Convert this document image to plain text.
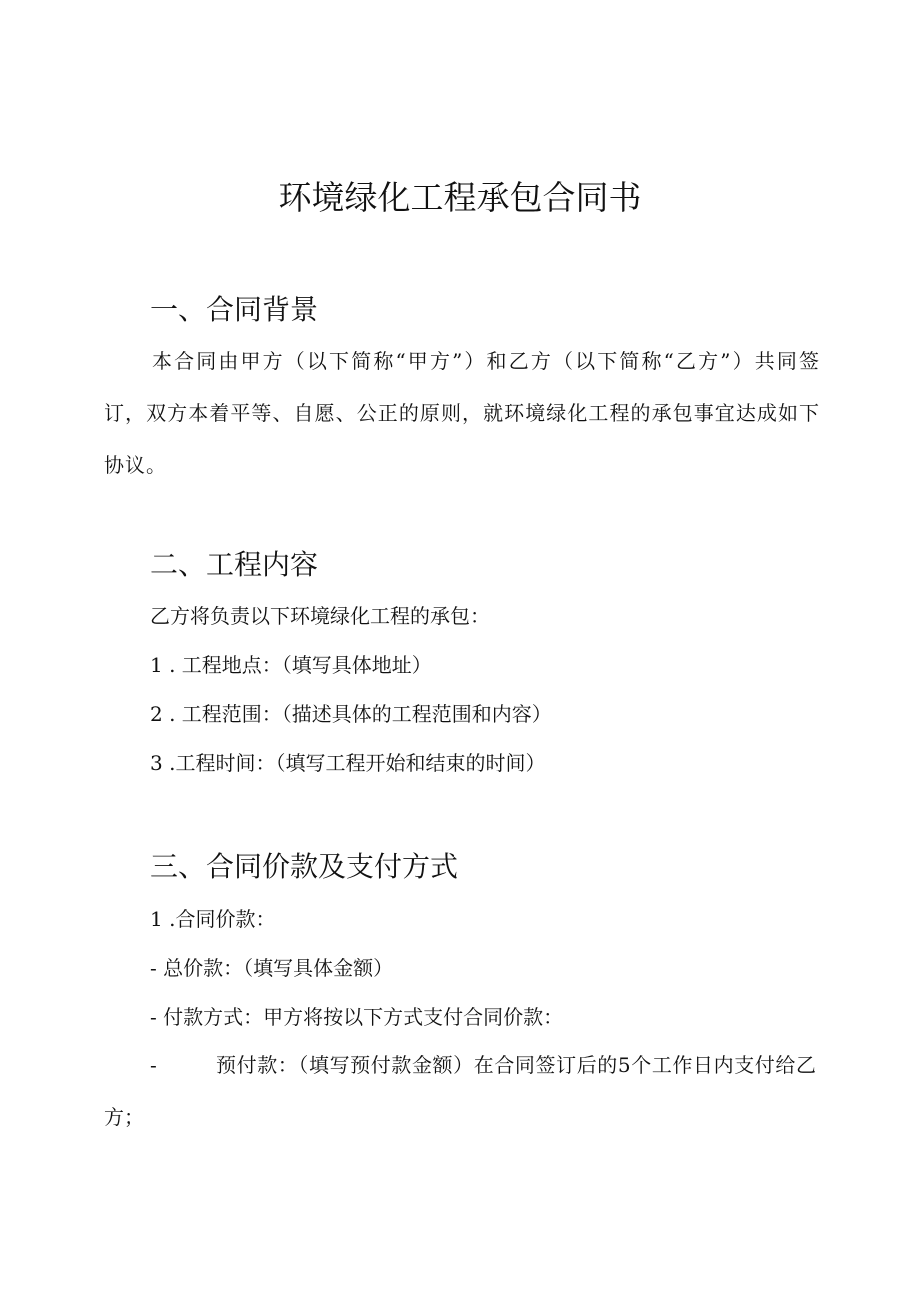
环境绿化工程承包合同书
一、合同背景
本合同由甲方（以下简称“甲方”）和乙方（以下简称“乙方”）共同签订，双方本着平等、自愿、公正的原则，就环境绿化工程的承包事宜达成如下协议。
二、工程内容
乙方将负责以下环境绿化工程的承包：
1 . 工程地点：（填写具体地址）
2 . 工程范围：（描述具体的工程范围和内容）
3 .工程时间：（填写工程开始和结束的时间）
三、合同价款及支付方式
1 .合同价款：
- 总价款：（填写具体金额）
- 付款方式：甲方将按以下方式支付合同价款：
-	预付款：（填写预付款金额）在合同签订后的5个工作日内支付给乙方；
